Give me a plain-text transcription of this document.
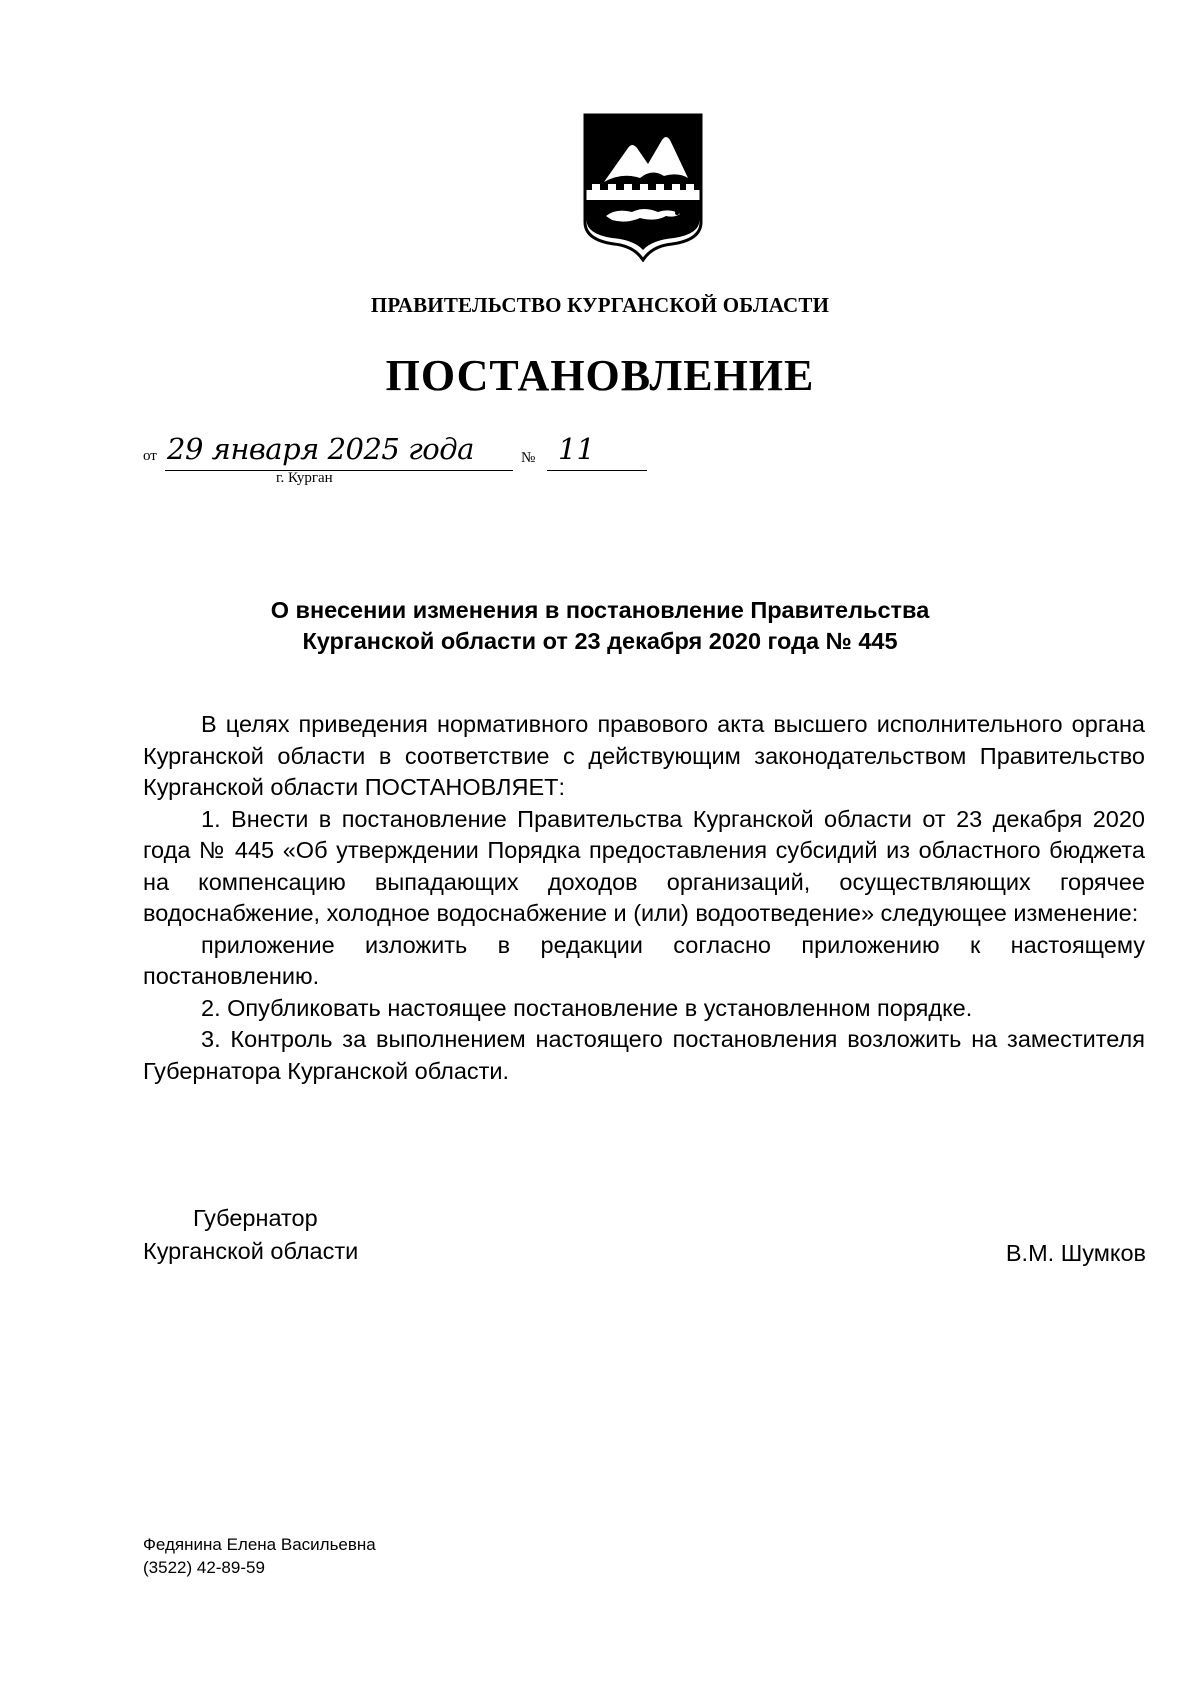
ПРАВИТЕЛЬСТВО КУРГАНСКОЙ ОБЛАСТИ
ПОСТАНОВЛЕНИЕ
от 29 января 2025 года	№ 11
г. Курган
О внесении изменения в постановление Правительства
Курганской области от 23 декабря 2020 года № 445

В целях приведения нормативного правового акта высшего исполнительного органа Курганской области в соответствие с действующим законодательством Правительство Курганской области ПОСТАНОВЛЯЕТ:

1. Внести в постановление Правительства Курганской области от 23 декабря 2020 года № 445 «Об утверждении Порядка предоставления субсидий из областного бюджета на компенсацию выпадающих доходов организаций, осуществляющих горячее водоснабжение, холодное водоснабжение и (или) водоотведение» следующее изменение:

приложение изложить в редакции согласно приложению к настоящему постановлению.

2. Опубликовать настоящее постановление в установленном порядке.

3. Контроль за выполнением настоящего постановления возложить на заместителя Губернатора Курганской области.

Губернатор
Курганской области	В.М. Шумков
Федянина Елена Васильевна
(3522) 42-89-59
